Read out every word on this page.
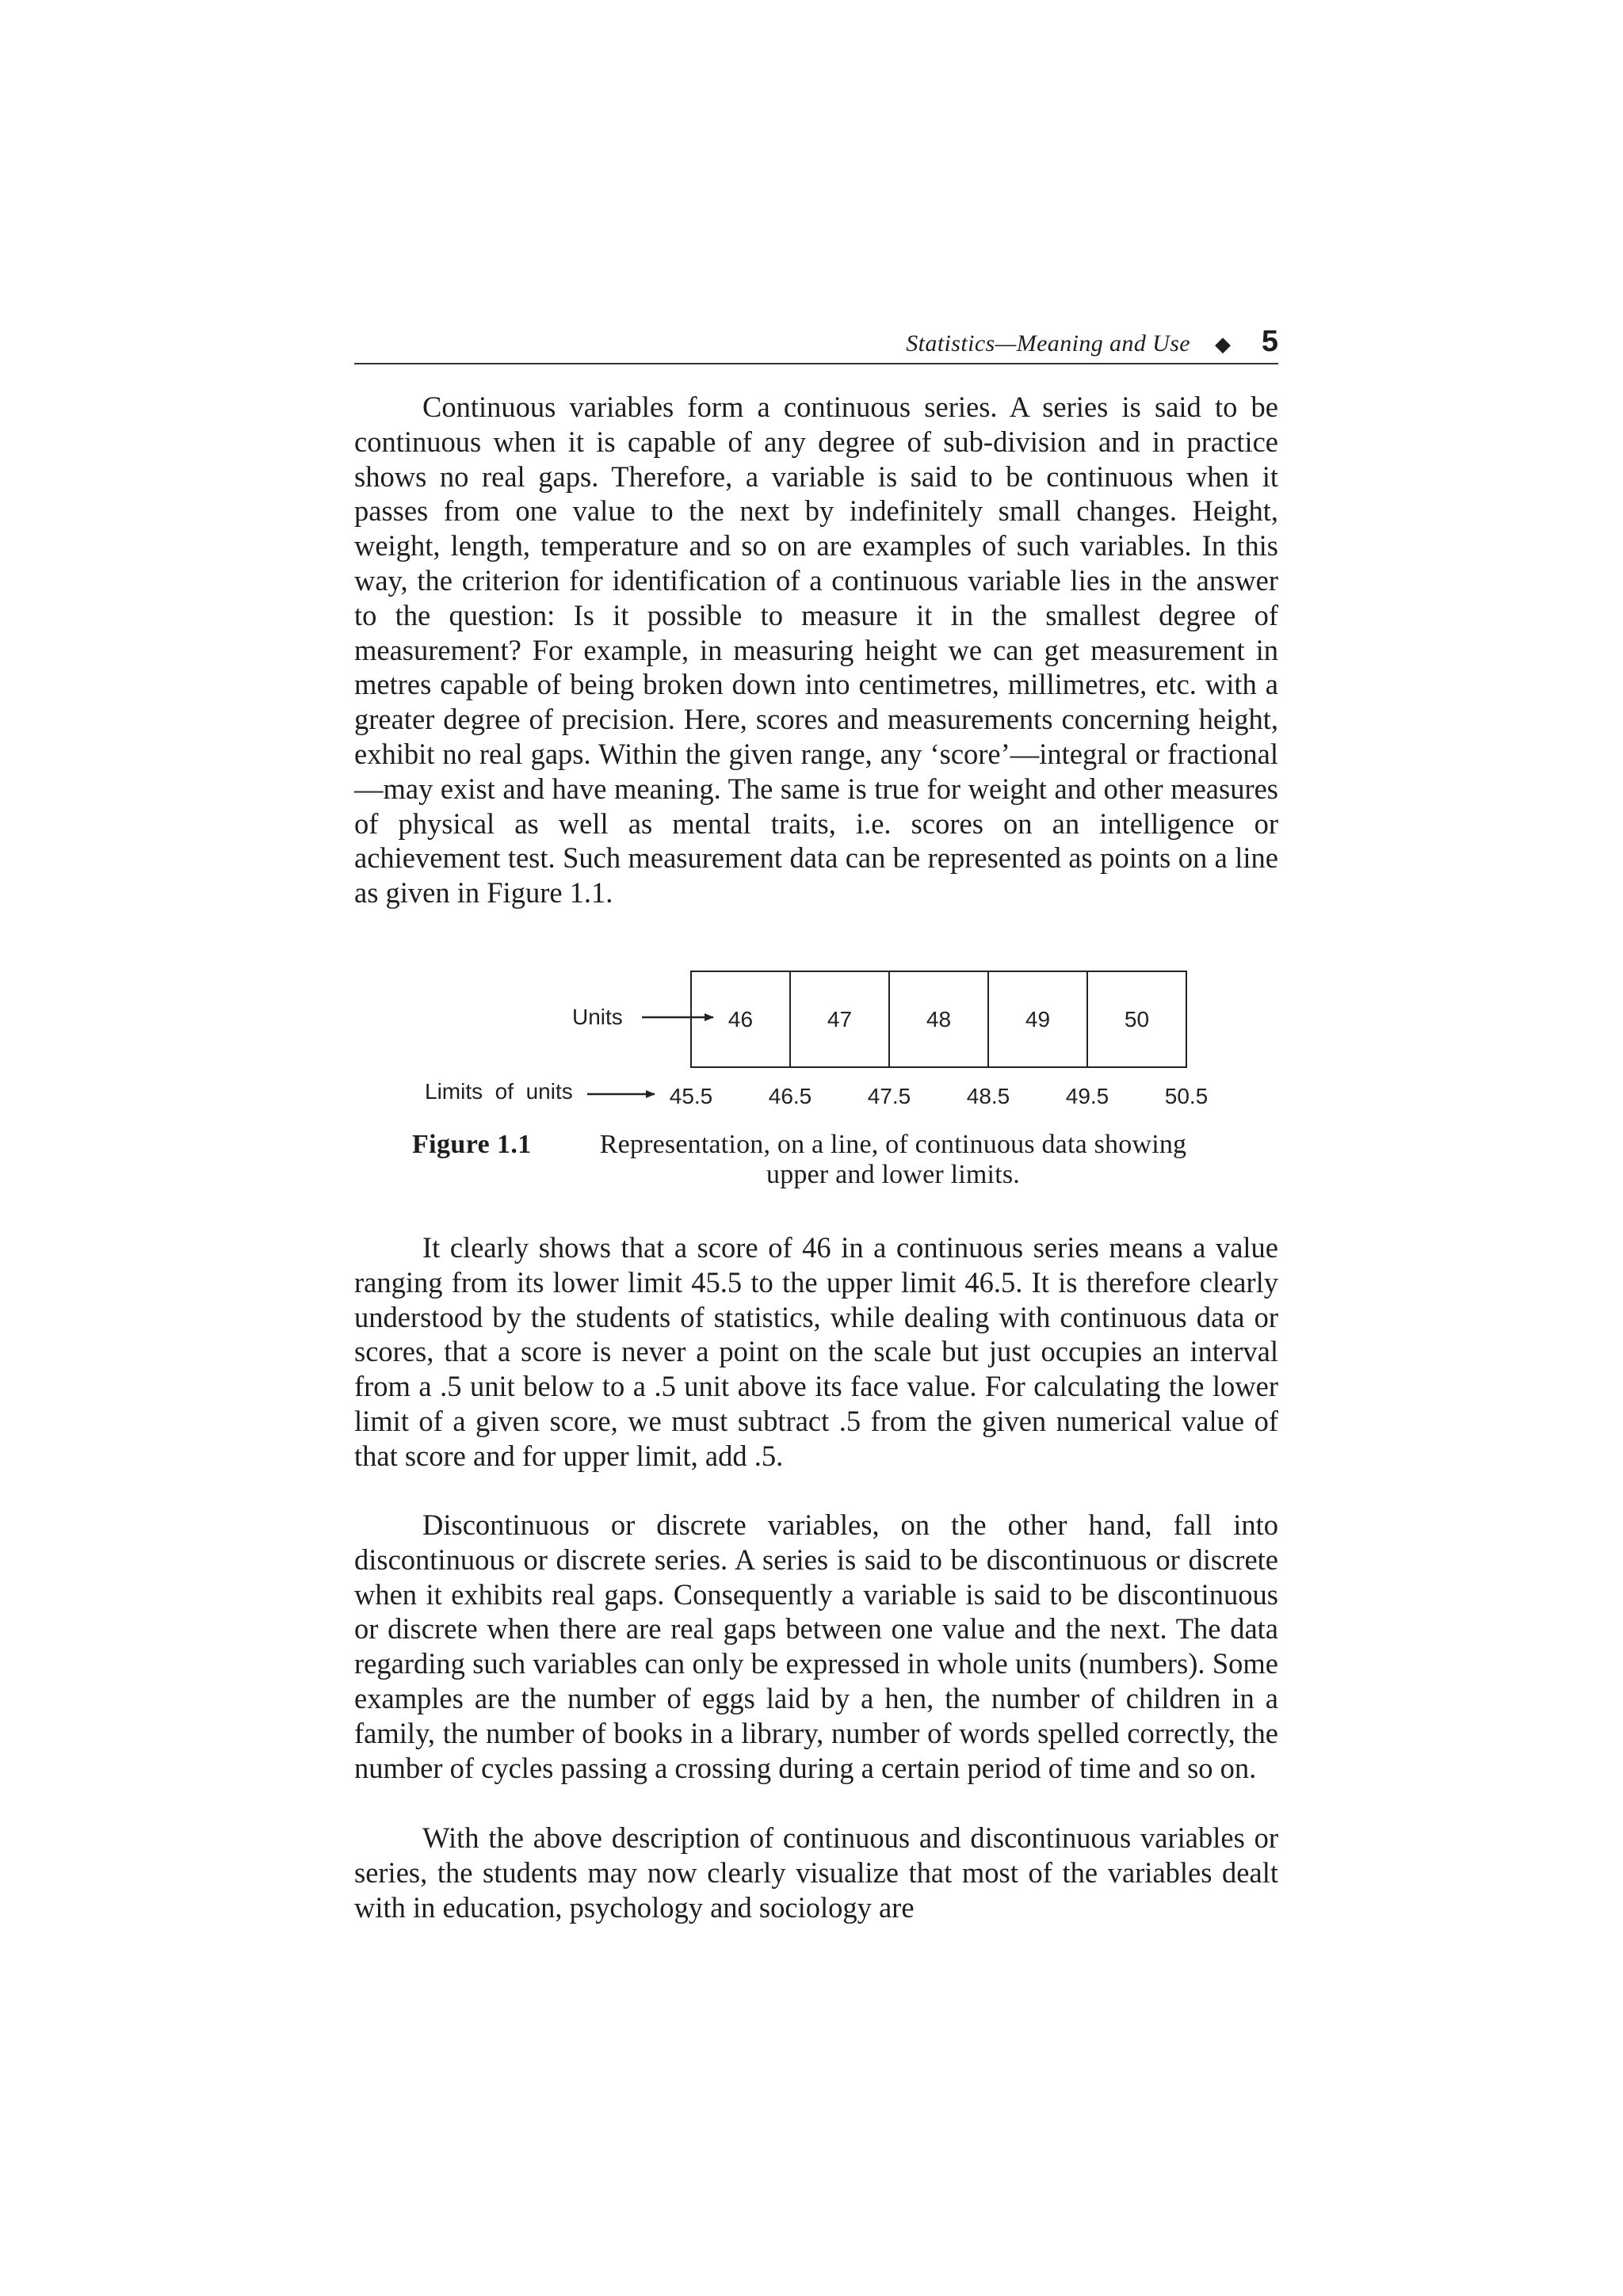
Statistics—Meaning and Use ◆ 5

Continuous variables form a continuous series. A series is said to be continuous when it is capable of any degree of sub-division and in practice shows no real gaps. Therefore, a variable is said to be continuous when it passes from one value to the next by indefinitely small changes. Height, weight, length, temperature and so on are examples of such variables. In this way, the criterion for identification of a continuous variable lies in the answer to the question: Is it possible to measure it in the smallest degree of measurement? For example, in measuring height we can get measurement in metres capable of being broken down into centimetres, millimetres, etc. with a greater degree of precision. Here, scores and measurements concerning height, exhibit no real gaps. Within the given range, any ‘score’—integral or fractional—may exist and have meaning. The same is true for weight and other measures of physical as well as mental traits, i.e. scores on an intelligence or achievement test. Such measurement data can be represented as points on a line as given in Figure 1.1.

46	47	48	49	50
45.5	46.5	47.5	48.5	49.5	50.5
Units
Limits  of  units
Figure 1.1	Representation, on a line, of continuous data showing
upper and lower limits.

It clearly shows that a score of 46 in a continuous series means a value ranging from its lower limit 45.5 to the upper limit 46.5. It is therefore clearly understood by the students of statistics, while dealing with continuous data or scores, that a score is never a point on the scale but just occupies an interval from a .5 unit below to a .5 unit above its face value. For calculating the lower limit of a given score, we must subtract .5 from the given numerical value of that score and for upper limit, add .5.

Discontinuous or discrete variables, on the other hand, fall into discontinuous or discrete series. A series is said to be discontinuous or discrete when it exhibits real gaps. Consequently a variable is said to be discontinuous or discrete when there are real gaps between one value and the next. The data regarding such variables can only be expressed in whole units (numbers). Some examples are the number of eggs laid by a hen, the number of children in a family, the number of books in a library, number of words spelled correctly, the number of cycles passing a crossing during a certain period of time and so on.

With the above description of continuous and discontinuous variables or series, the students may now clearly visualize that most of the variables dealt with in education, psychology and sociology are
